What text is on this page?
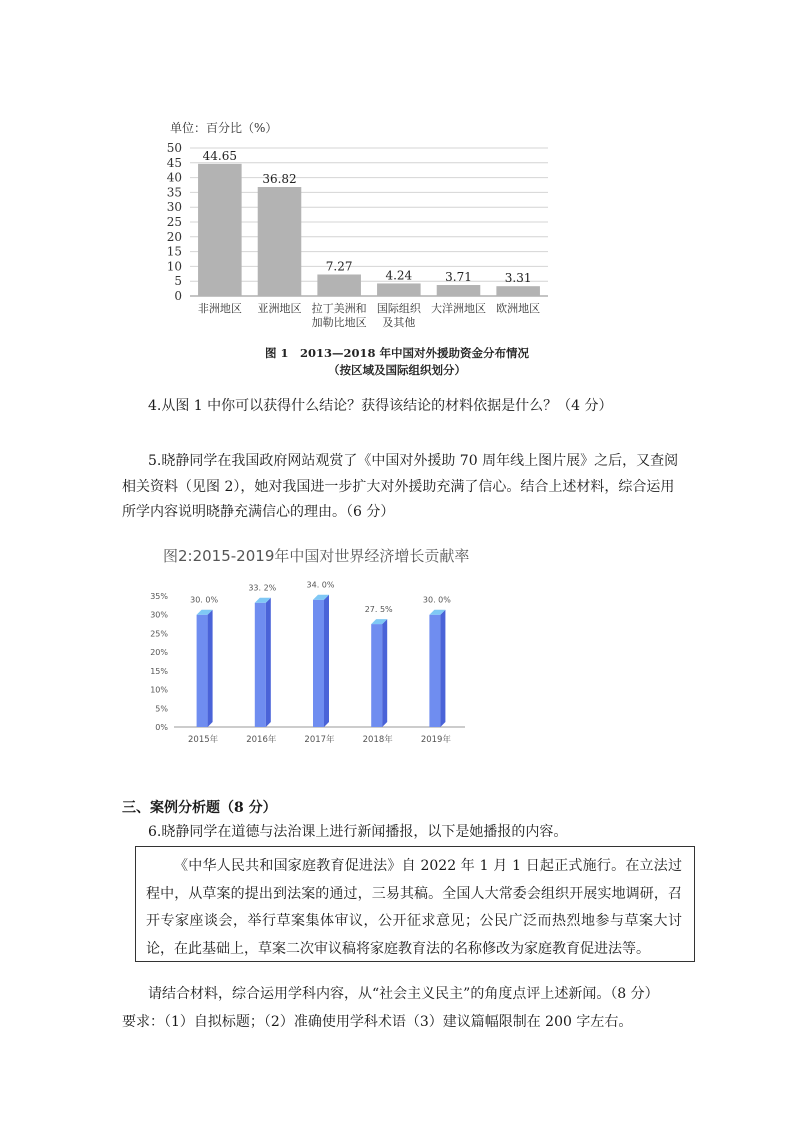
单位：百分比（%）
0
5
10
15
20
25
30
35
40
45
50
44.65
非洲地区
36.82
亚洲地区
7.27
拉丁美洲和
加勒比地区
4.24
国际组织
及其他
3.71
大洋洲地区
3.31
欧洲地区
图 1　2013—2018 年中国对外援助资金分布情况
（按区域及国际组织划分）
4.从图 1 中你可以获得什么结论？获得该结论的材料依据是什么？（4 分）
5.晓静同学在我国政府网站观赏了《中国对外援助 70 周年线上图片展》之后，又查阅
相关资料（见图 2），她对我国进一步扩大对外援助充满了信心。结合上述材料，综合运用
所学内容说明晓静充满信心的理由。（6 分）
图2:2015-2019年中国对世界经济增长贡献率
0%
5%
10%
15%
20%
25%
30%
35%	30. 0%
2015年
33. 2%
2016年
34. 0%
2017年
27. 5%
2018年
30. 0%
2019年
三、案例分析题（8 分）
6.晓静同学在道德与法治课上进行新闻播报，以下是她播报的内容。

《中华人民共和国家庭教育促进法》自 2022 年 1 月 1 日起正式施行。在立法过程中，从草案的提出到法案的通过，三易其稿。全国人大常委会组织开展实地调研，召开专家座谈会，举行草案集体审议，公开征求意见；公民广泛而热烈地参与草案大讨论，在此基础上，草案二次审议稿将家庭教育法的名称修改为家庭教育促进法等。

请结合材料，综合运用学科内容，从“社会主义民主”的角度点评上述新闻。（8 分）
要求：（1）自拟标题；（2）准确使用学科术语（3）建议篇幅限制在 200 字左右。
